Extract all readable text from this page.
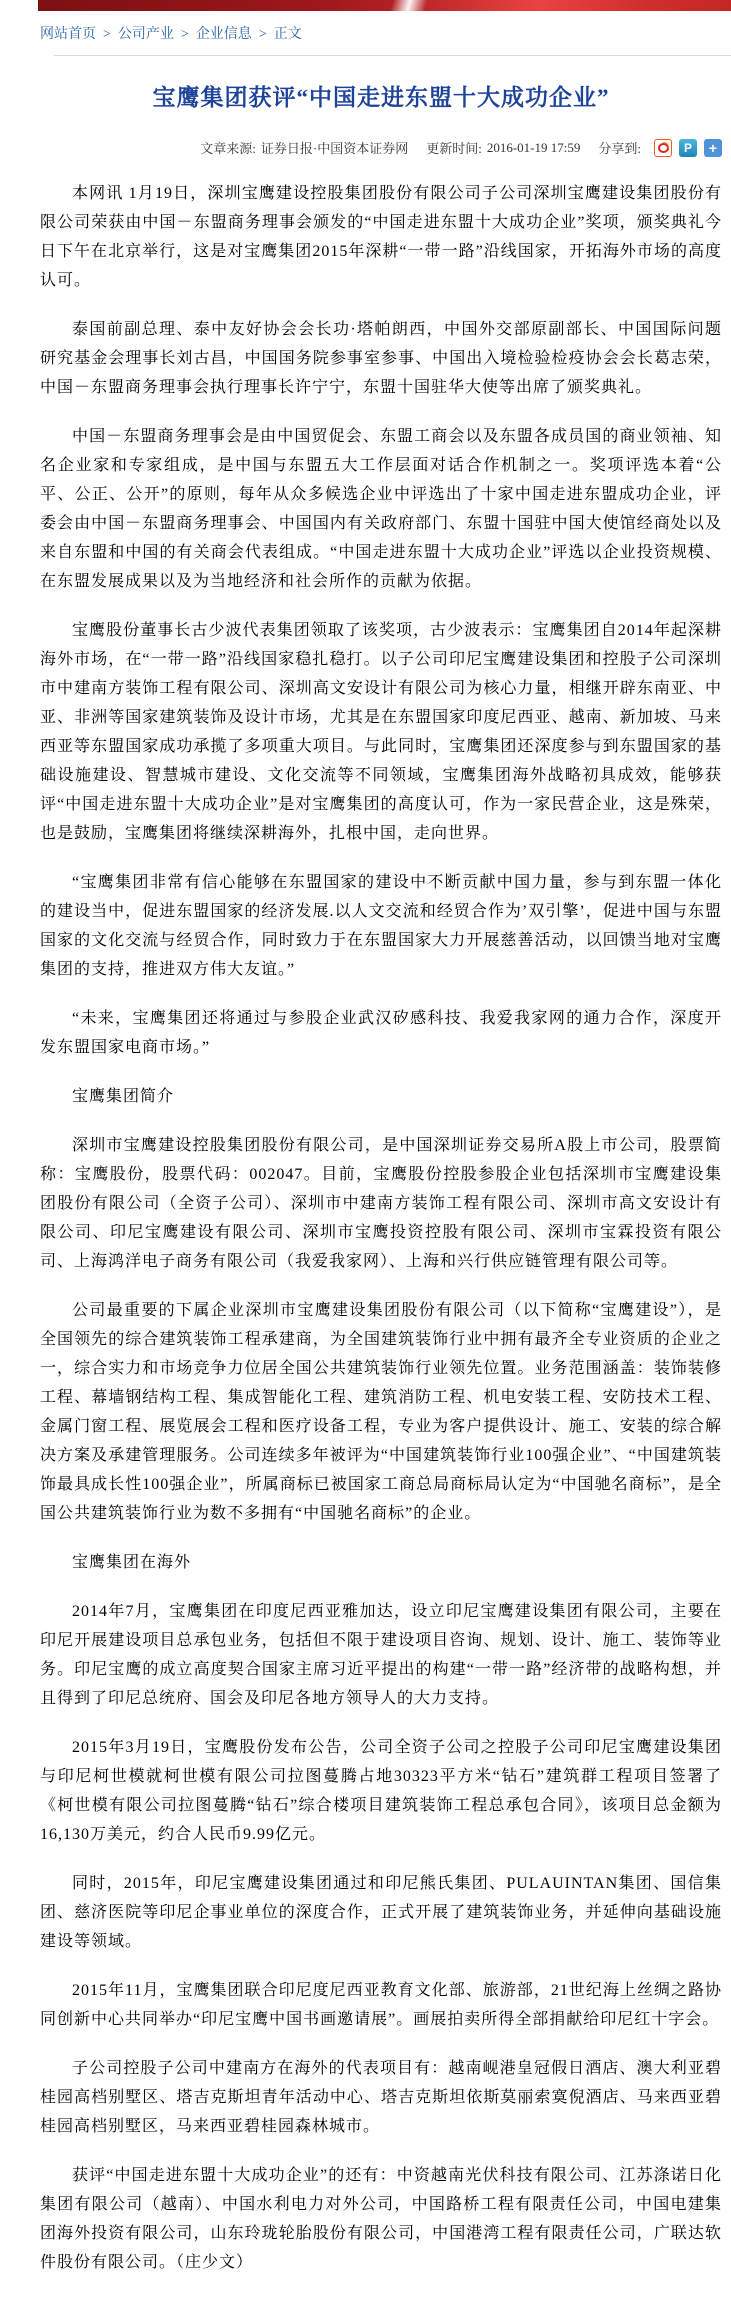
网站首页 > 公司产业 > 企业信息 > 正文
宝鹰集团获评“中国走进东盟十大成功企业”
文章来源: 证券日报·中国资本证券网 更新时间: 2016-01-19 17:59 分享到:	P	+

本网讯 1月19日，深圳宝鹰建设控股集团股份有限公司子公司深圳宝鹰建设集团股份有限公司荣获由中国－东盟商务理事会颁发的“中国走进东盟十大成功企业”奖项，颁奖典礼今日下午在北京举行，这是对宝鹰集团2015年深耕“一带一路”沿线国家，开拓海外市场的高度认可。

泰国前副总理、泰中友好协会会长功·塔帕朗西，中国外交部原副部长、中国国际问题研究基金会理事长刘古昌，中国国务院参事室参事、中国出入境检验检疫协会会长葛志荣，中国－东盟商务理事会执行理事长许宁宁，东盟十国驻华大使等出席了颁奖典礼。

中国－东盟商务理事会是由中国贸促会、东盟工商会以及东盟各成员国的商业领袖、知名企业家和专家组成，是中国与东盟五大工作层面对话合作机制之一。奖项评选本着“公平、公正、公开”的原则，每年从众多候选企业中评选出了十家中国走进东盟成功企业，评委会由中国－东盟商务理事会、中国国内有关政府部门、东盟十国驻中国大使馆经商处以及来自东盟和中国的有关商会代表组成。“中国走进东盟十大成功企业”评选以企业投资规模、在东盟发展成果以及为当地经济和社会所作的贡献为依据。

宝鹰股份董事长古少波代表集团领取了该奖项，古少波表示：宝鹰集团自2014年起深耕海外市场，在“一带一路”沿线国家稳扎稳打。以子公司印尼宝鹰建设集团和控股子公司深圳市中建南方装饰工程有限公司、深圳高文安设计有限公司为核心力量，相继开辟东南亚、中亚、非洲等国家建筑装饰及设计市场，尤其是在东盟国家印度尼西亚、越南、新加坡、马来西亚等东盟国家成功承揽了多项重大项目。与此同时，宝鹰集团还深度参与到东盟国家的基础设施建设、智慧城市建设、文化交流等不同领域，宝鹰集团海外战略初具成效，能够获评“中国走进东盟十大成功企业”是对宝鹰集团的高度认可，作为一家民营企业，这是殊荣，也是鼓励，宝鹰集团将继续深耕海外，扎根中国，走向世界。

“宝鹰集团非常有信心能够在东盟国家的建设中不断贡献中国力量，参与到东盟一体化的建设当中，促进东盟国家的经济发展.以人文交流和经贸合作为’双引擎’，促进中国与东盟国家的文化交流与经贸合作，同时致力于在东盟国家大力开展慈善活动，以回馈当地对宝鹰集团的支持，推进双方伟大友谊。”

“未来，宝鹰集团还将通过与参股企业武汉矽感科技、我爱我家网的通力合作，深度开发东盟国家电商市场。”

宝鹰集团简介

深圳市宝鹰建设控股集团股份有限公司，是中国深圳证券交易所A股上市公司，股票简称：宝鹰股份，股票代码：002047。目前，宝鹰股份控股参股企业包括深圳市宝鹰建设集团股份有限公司（全资子公司）、深圳市中建南方装饰工程有限公司、深圳市高文安设计有限公司、印尼宝鹰建设有限公司、深圳市宝鹰投资控股有限公司、深圳市宝霖投资有限公司、上海鸿洋电子商务有限公司（我爱我家网）、上海和兴行供应链管理有限公司等。

公司最重要的下属企业深圳市宝鹰建设集团股份有限公司（以下简称“宝鹰建设”），是全国领先的综合建筑装饰工程承建商，为全国建筑装饰行业中拥有最齐全专业资质的企业之一，综合实力和市场竞争力位居全国公共建筑装饰行业领先位置。业务范围涵盖：装饰装修工程、幕墙钢结构工程、集成智能化工程、建筑消防工程、机电安装工程、安防技术工程、金属门窗工程、展览展会工程和医疗设备工程，专业为客户提供设计、施工、安装的综合解决方案及承建管理服务。公司连续多年被评为“中国建筑装饰行业100强企业”、“中国建筑装饰最具成长性100强企业”，所属商标已被国家工商总局商标局认定为“中国驰名商标”，是全国公共建筑装饰行业为数不多拥有“中国驰名商标”的企业。

宝鹰集团在海外

2014年7月，宝鹰集团在印度尼西亚雅加达，设立印尼宝鹰建设集团有限公司，主要在印尼开展建设项目总承包业务，包括但不限于建设项目咨询、规划、设计、施工、装饰等业务。印尼宝鹰的成立高度契合国家主席习近平提出的构建“一带一路”经济带的战略构想，并且得到了印尼总统府、国会及印尼各地方领导人的大力支持。

2015年3月19日，宝鹰股份发布公告，公司全资子公司之控股子公司印尼宝鹰建设集团与印尼柯世模就柯世模有限公司拉图蔓腾占地30323平方米“钻石”建筑群工程项目签署了《柯世模有限公司拉图蔓腾“钻石”综合楼项目建筑装饰工程总承包合同》，该项目总金额为16,130万美元，约合人民币9.99亿元。

同时，2015年，印尼宝鹰建设集团通过和印尼熊氏集团、PULAUINTAN集团、国信集团、慈济医院等印尼企事业单位的深度合作，正式开展了建筑装饰业务，并延伸向基础设施建设等领域。

2015年11月，宝鹰集团联合印尼度尼西亚教育文化部、旅游部，21世纪海上丝绸之路协同创新中心共同举办“印尼宝鹰中国书画邀请展”。画展拍卖所得全部捐献给印尼红十字会。

子公司控股子公司中建南方在海外的代表项目有：越南岘港皇冠假日酒店、澳大利亚碧桂园高档别墅区、塔吉克斯坦青年活动中心、塔吉克斯坦依斯莫丽索寞倪酒店、马来西亚碧桂园高档别墅区，马来西亚碧桂园森林城市。

获评“中国走进东盟十大成功企业”的还有：中资越南光伏科技有限公司、江苏涤诺日化集团有限公司（越南）、中国水利电力对外公司，中国路桥工程有限责任公司，中国电建集团海外投资有限公司，山东玲珑轮胎股份有限公司，中国港湾工程有限责任公司，广联达软件股份有限公司。（庄少文）
